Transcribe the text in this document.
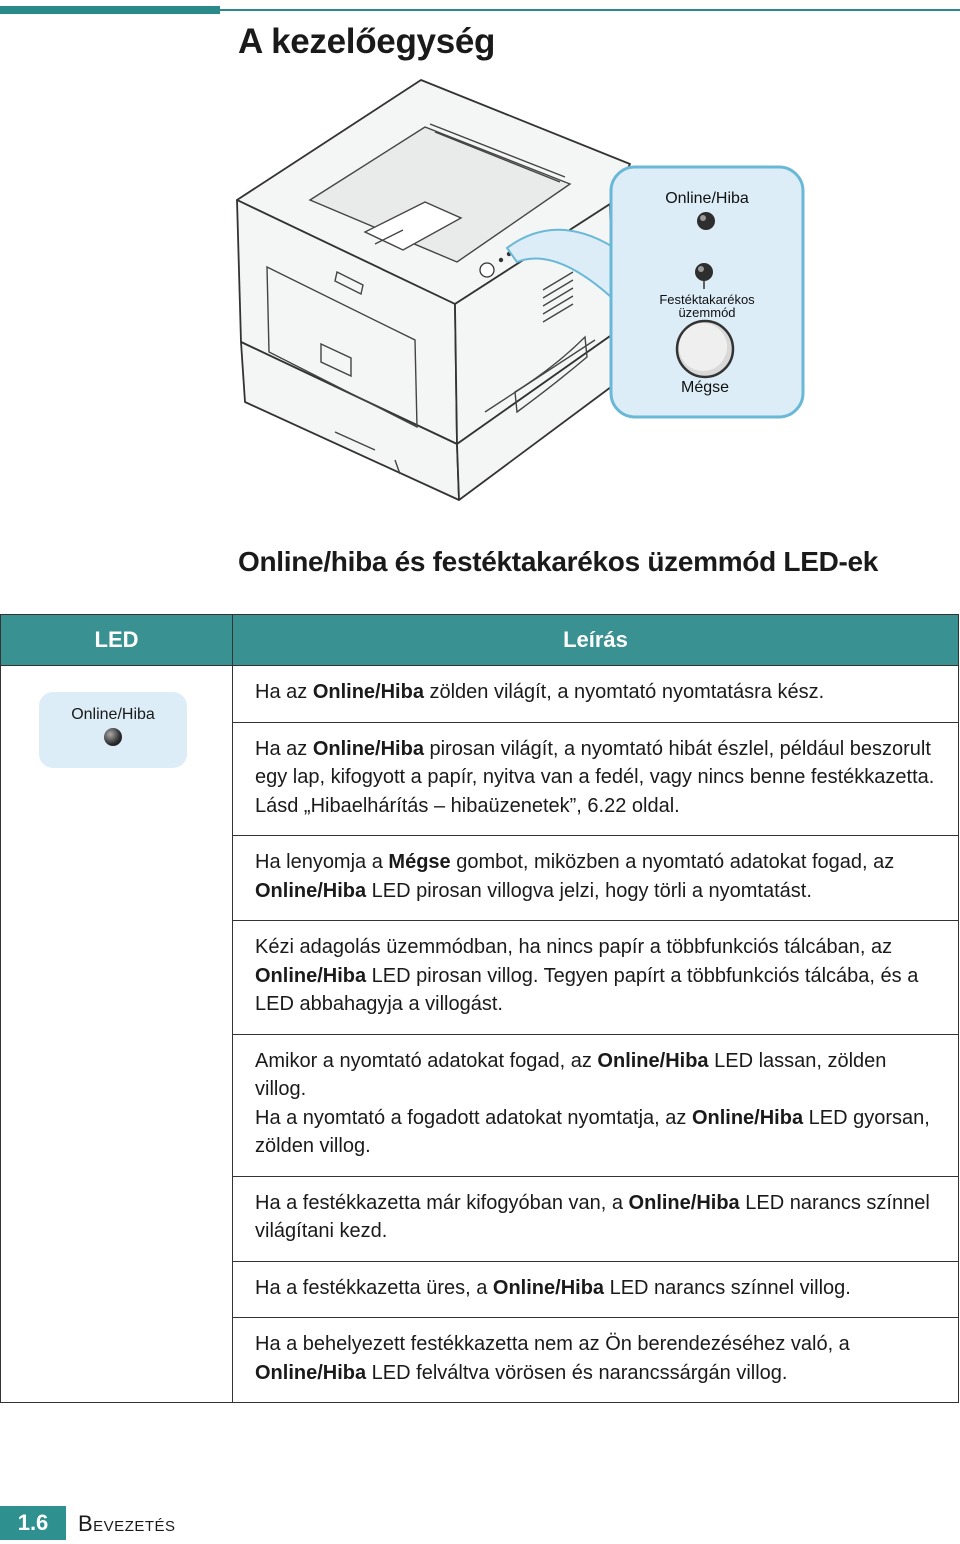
A kezelőegység
Online/Hiba
Festéktakarékos
üzemmód
Mégse
Online/hiba és festéktakarékos üzemmód LED-ek
LED	Leírás

Online/Hiba	Ha az Online/Hiba zölden világít, a nyomtató nyomtatásra kész.
	Ha az Online/Hiba pirosan világít, a nyomtató hibát észlel, például beszorult egy lap, kifogyott a papír, nyitva van a fedél, vagy nincs benne festékkazetta. Lásd „Hibaelhárítás – hibaüzenetek”, 6.22 oldal.
	Ha lenyomja a Mégse gombot, miközben a nyomtató adatokat fogad, az Online/Hiba LED pirosan villogva jelzi, hogy törli a nyomtatást.
	Kézi adagolás üzemmódban, ha nincs papír a többfunkciós tálcában, az Online/Hiba LED pirosan villog. Tegyen papírt a többfunkciós tálcába, és a LED abbahagyja a villogást.
	Amikor a nyomtató adatokat fogad, az Online/Hiba LED lassan, zölden villog.
Ha a nyomtató a fogadott adatokat nyomtatja, az Online/Hiba LED gyorsan, zölden villog.
	Ha a festékkazetta már kifogyóban van, a Online/Hiba LED narancs színnel világítani kezd.
	Ha a festékkazetta üres, a Online/Hiba LED narancs színnel villog.
	Ha a behelyezett festékkazetta nem az Ön berendezéséhez való, a Online/Hiba LED felváltva vörösen és narancssárgán villog.
1.6	Bevezetés
